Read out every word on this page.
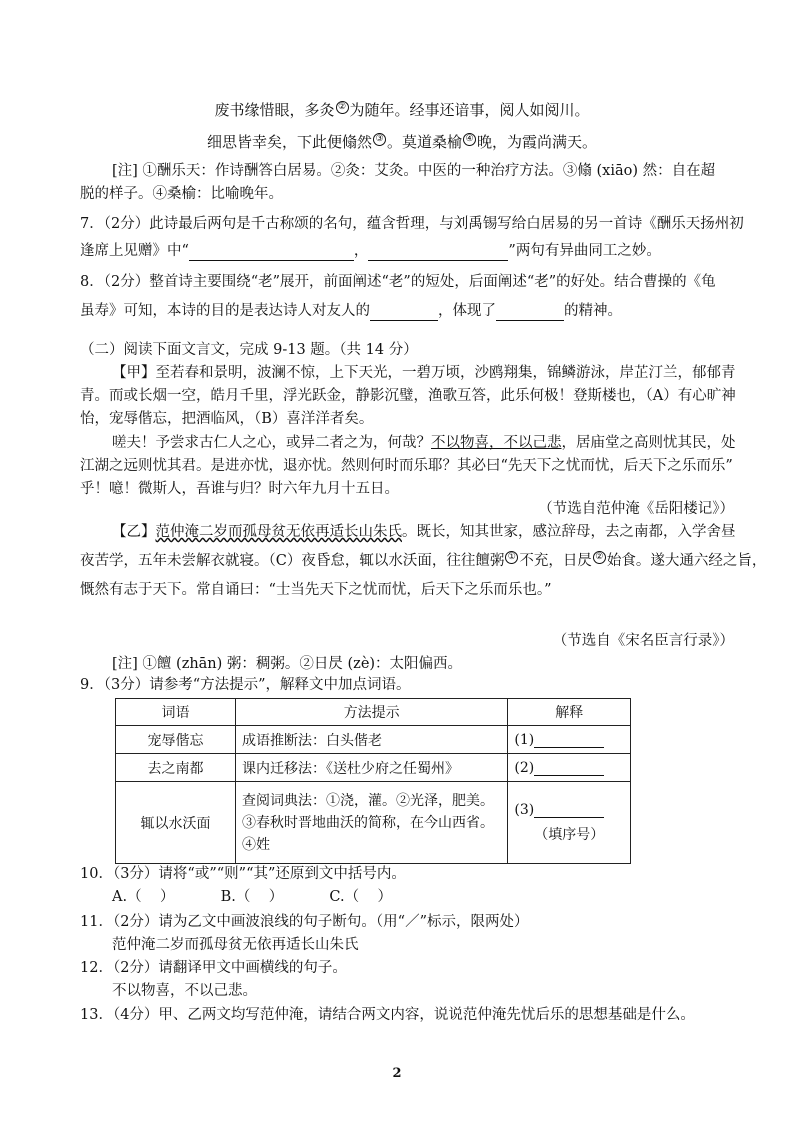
废书缘惜眼，多灸 ② 为随年。经事还谙事，阅人如阅川。
细思皆幸矣，下此便翛然 ③ 。莫道桑榆 ④ 晚，为霞尚满天。
[注] ①酬乐天：作诗酬答白居易。②灸：艾灸。中医的一种治疗方法。③翛 (xiāo) 然：自在超
脱的样子。④桑榆：比喻晚年。
7．（2分）此诗最后两句是千古称颂的名句，蕴含哲理，与刘禹锡写给白居易的另一首诗《酬乐天扬州初
逢席上见赠》中“	，	”两句有异曲同工之妙。
8．（2分）整首诗主要围绕“老”展开，前面阐述“老”的短处，后面阐述“老”的好处。结合曹操的《龟
虽寿》可知，本诗的目的是表达诗人对友人的	，体现了	的精神。
（二）阅读下面文言文，完成 9-13 题。（共 14 分）
【甲】至若春和景明，波澜不惊，上下天光，一碧万顷，沙鸥翔集，锦鳞游泳，岸芷汀兰，郁郁青
青。而或长烟一空，皓月千里，浮光跃金，静影沉璧，渔歌互答，此乐何极！登斯楼也，（A）有心旷神
怡，宠辱偕忘，把酒临风，（B）喜洋洋者矣。
嗟夫！予尝求古仁人之心，或异二者之为，何哉？不以物喜，不以己悲，居庙堂之高则忧其民，处
江湖之远则忧其君。是进亦忧，退亦忧。然则何时而乐耶？其必曰“先天下之忧而忧，后天下之乐而乐”
乎！噫！微斯人，吾谁与归？时六年九月十五日。
（节选自范仲淹《岳阳楼记》）
【乙】范仲淹二岁而孤母贫无依再适长山朱氏。既长，知其世家，感泣辞母，去之南都，入学舍昼
夜苦学，五年未尝解衣就寝。（C）夜昏怠，辄以水沃面，往往饘粥 ① 不充，日昃 ② 始食。遂大通六经之旨，
慨然有志于天下。常自诵曰：“士当先天下之忧而忧，后天下之乐而乐也。”
（节选自《宋名臣言行录》）
[注] ①饘 (zhān) 粥：稠粥。②日昃 (zè)：太阳偏西。
9．（3分）请参考“方法提示”，解释文中加点词语。
词语	方法提示	解释
宠辱偕忘	成语推断法：白头偕老	(1)
去之南都	课内迁移法：《送杜少府之任蜀州》	(2)
辄以水沃面	查阅词典法：①浇，灌。②光泽，肥美。③春秋时晋地曲沃的简称，在今山西省。④姓	(3)
（填序号）
10．（3分）请将“或”“则”“其”还原到文中括号内。
A.（    ）          B.（    ）          C.（    ）
11．（2分）请为乙文中画波浪线的句子断句。（用“／”标示，限两处）
范仲淹二岁而孤母贫无依再适长山朱氏
12．（2分）请翻译甲文中画横线的句子。
不以物喜，不以己悲。
13．（4分）甲、乙两文均写范仲淹，请结合两文内容，说说范仲淹先忧后乐的思想基础是什么。
2
